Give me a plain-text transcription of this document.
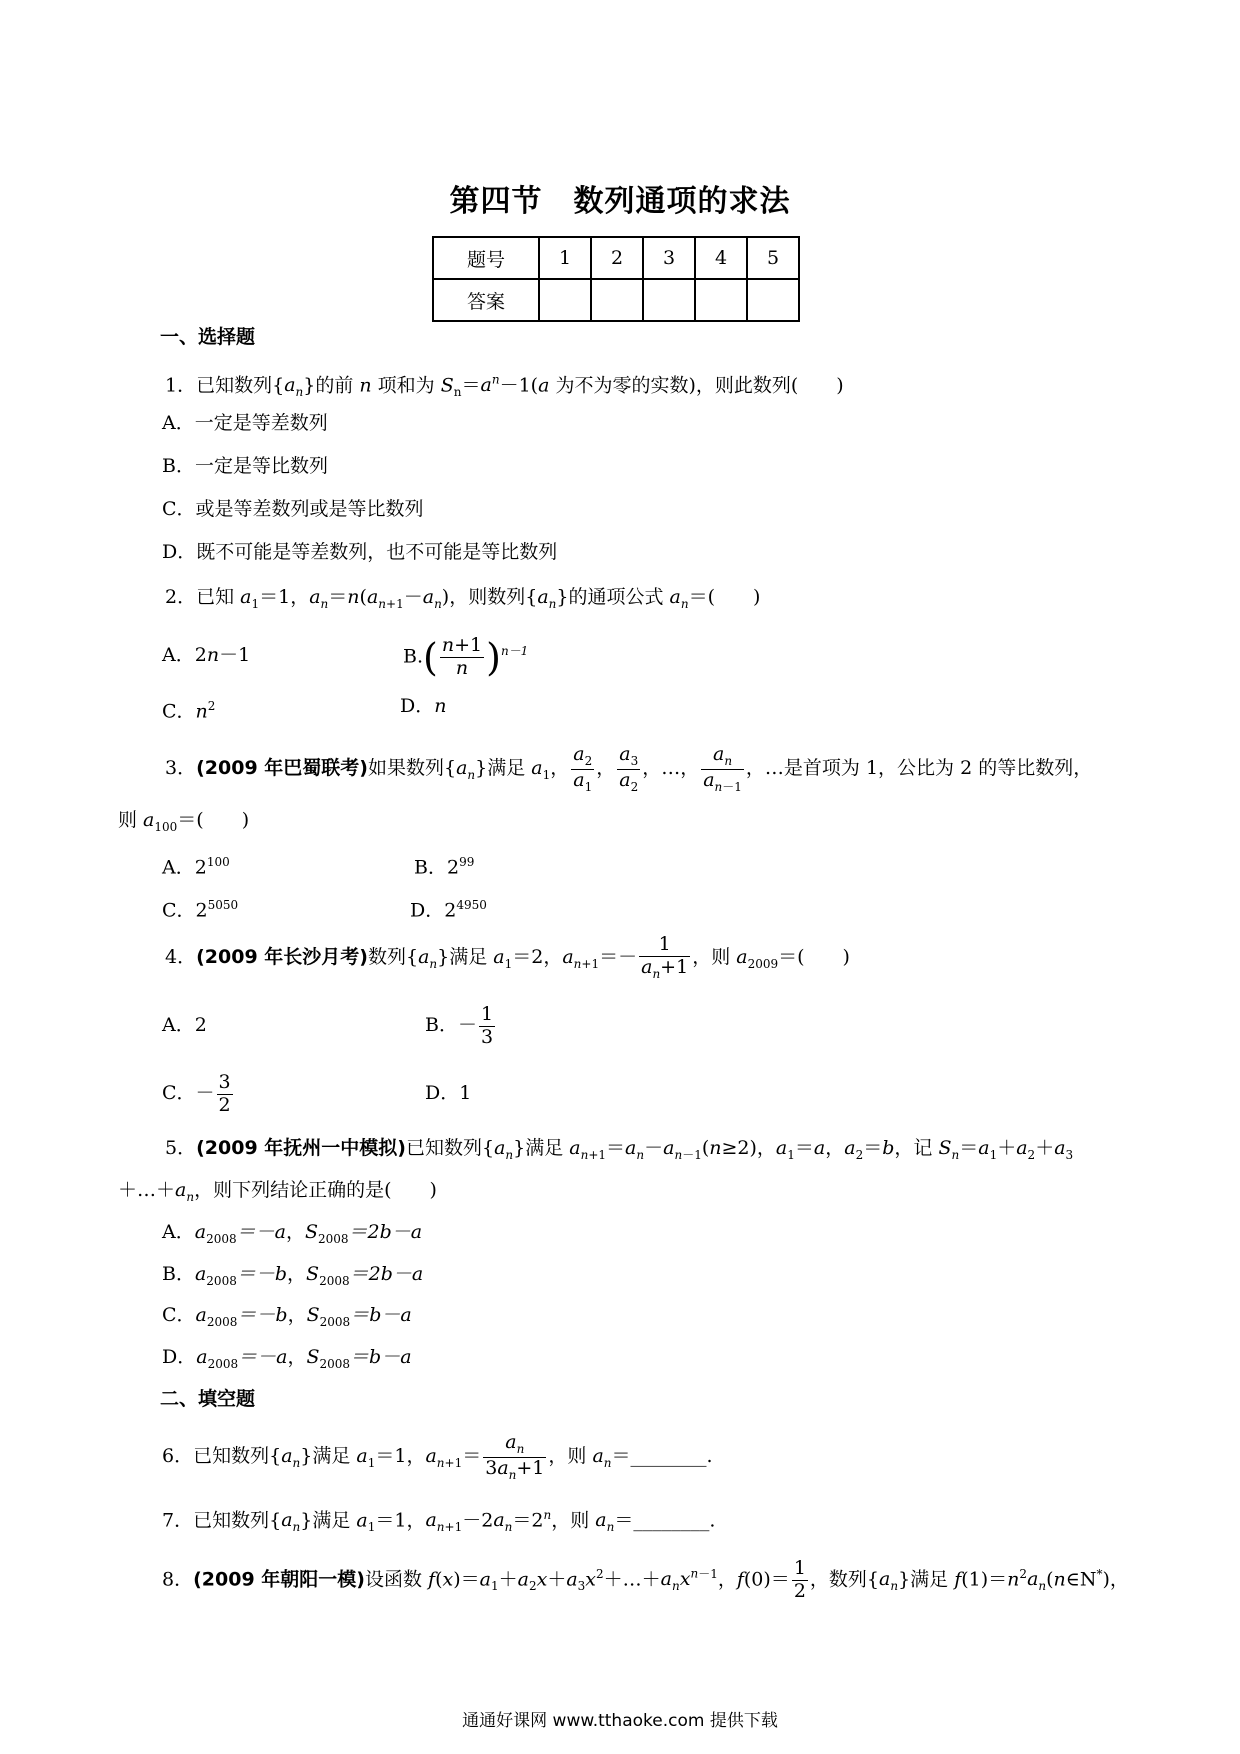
第四节　数列通项的求法
题号	1	2	3	4	5
答案					
一、选择题
1．已知数列$\{a_n\}$的前 n 项和为 $S_n=a^n-1(a$ 为不为零的实数)，则此数列(　　)
A．一定是等差数列
B．一定是等比数列
C．或是等差数列或是等比数列
D．既不可能是等差数列，也不可能是等比数列
2．已知 $a_1=1$，$a_n=n(a_{n+1}-a_n)$，则数列$\{a_n\}$的通项公式 $a_n=$(　　)
A．2n－1	$B.( \frac{n+1}{n} )^{n-1}$
C．$n^2$	D．n
3．(2009 年巴蜀联考)如果数列$\{a_n\}$满足 $a_1$， $\frac{a_2}{a_1}$ ， $\frac{a_3}{a_2}$ ，…， $\frac{a_n}{a_{n-1}}$ ，…是首项为 1，公比为 2 的等比数列，
则 $a_{100}=$(　　)
A．$2^{100}$	B．$2^{99}$
C．$2^{5050}$	D．$2^{4950}$
4．(2009 年长沙月考)数列$\{a_n\}$满足 $a_1=2$，$a_{n+1}=- \frac{1}{a_n+1}$ ，则 $a_{2009}=$(　　)
A．2	B．－ $\frac{1}{3}$
C．－ $\frac{3}{2}$	D．1
5．(2009 年抚州一中模拟)已知数列$\{a_n\}$满足 $a_{n+1}=a_n-a_{n-1}(n\ge 2)$，$a_1=a$，$a_2=b$，记 $S_n=a_1+a_2+a_3$
$+\dots+a_n$，则下列结论正确的是(　　)
A．$a_{2008}=-a$，$S_{2008}=2b-a$
B．$a_{2008}=-b$，$S_{2008}=2b-a$
C．$a_{2008}=-b$，$S_{2008}=b-a$
D．$a_{2008}=-a$，$S_{2008}=b-a$
二、填空题
6．已知数列$\{a_n\}$满足 $a_1=1$，$a_{n+1}= \frac{a_n}{3a_n+1}$ ，则 $a_n=\_\_\_\_\_\_\_\_$.
7．已知数列$\{a_n\}$满足 $a_1=1$，$a_{n+1}-2a_n=2^n$，则 $a_n=\_\_\_\_\_\_\_\_$.
8．(2009 年朝阳一模)设函数 $f(x)=a_1+a_2x+a_3x^2+\dots+a_nx^{n-1}$，$f(0)= \frac{1}{2}$ ，数列$\{a_n\}$满足 $f(1)=n^2a_n(n\in N^*)$，
通通好课网 www.tthaoke.com 提供下载
